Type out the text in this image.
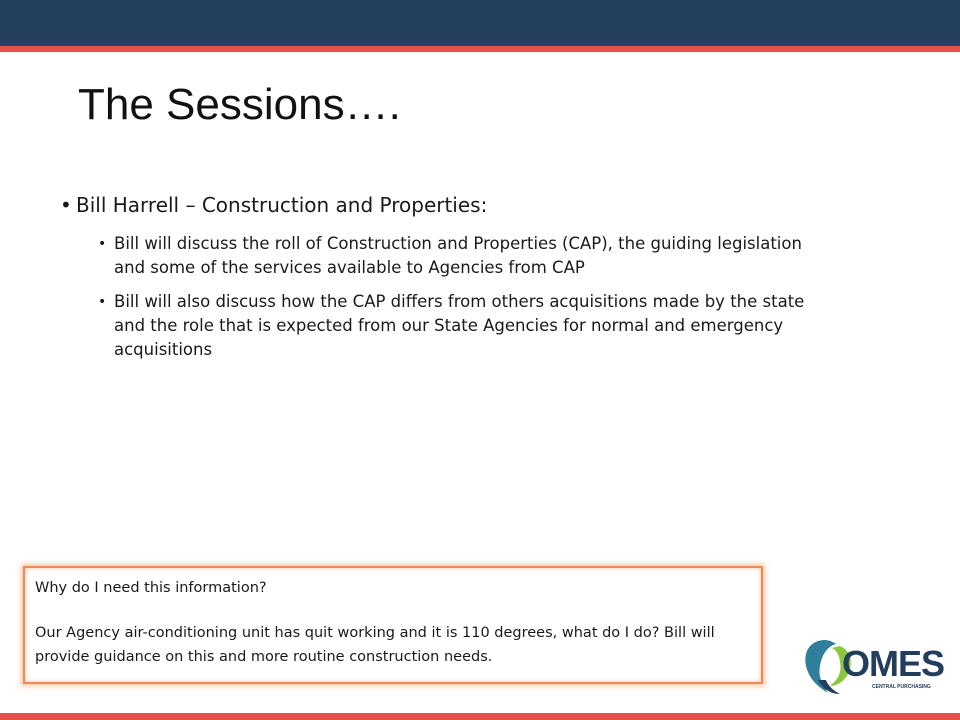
The Sessions….
• Bill Harrell – Construction and Properties:
• Bill will discuss the roll of Construction and Properties (CAP), the guiding legislation and some of the services available to Agencies from CAP
• Bill will also discuss how the CAP differs from others acquisitions made by the state and the role that is expected from our State Agencies for normal and emergency acquisitions

Why do I need this information?

Our Agency air-conditioning unit has quit working and it is 110 degrees, what do I do? Bill will provide guidance on this and more routine construction needs.	OMES
CENTRAL PURCHASING
